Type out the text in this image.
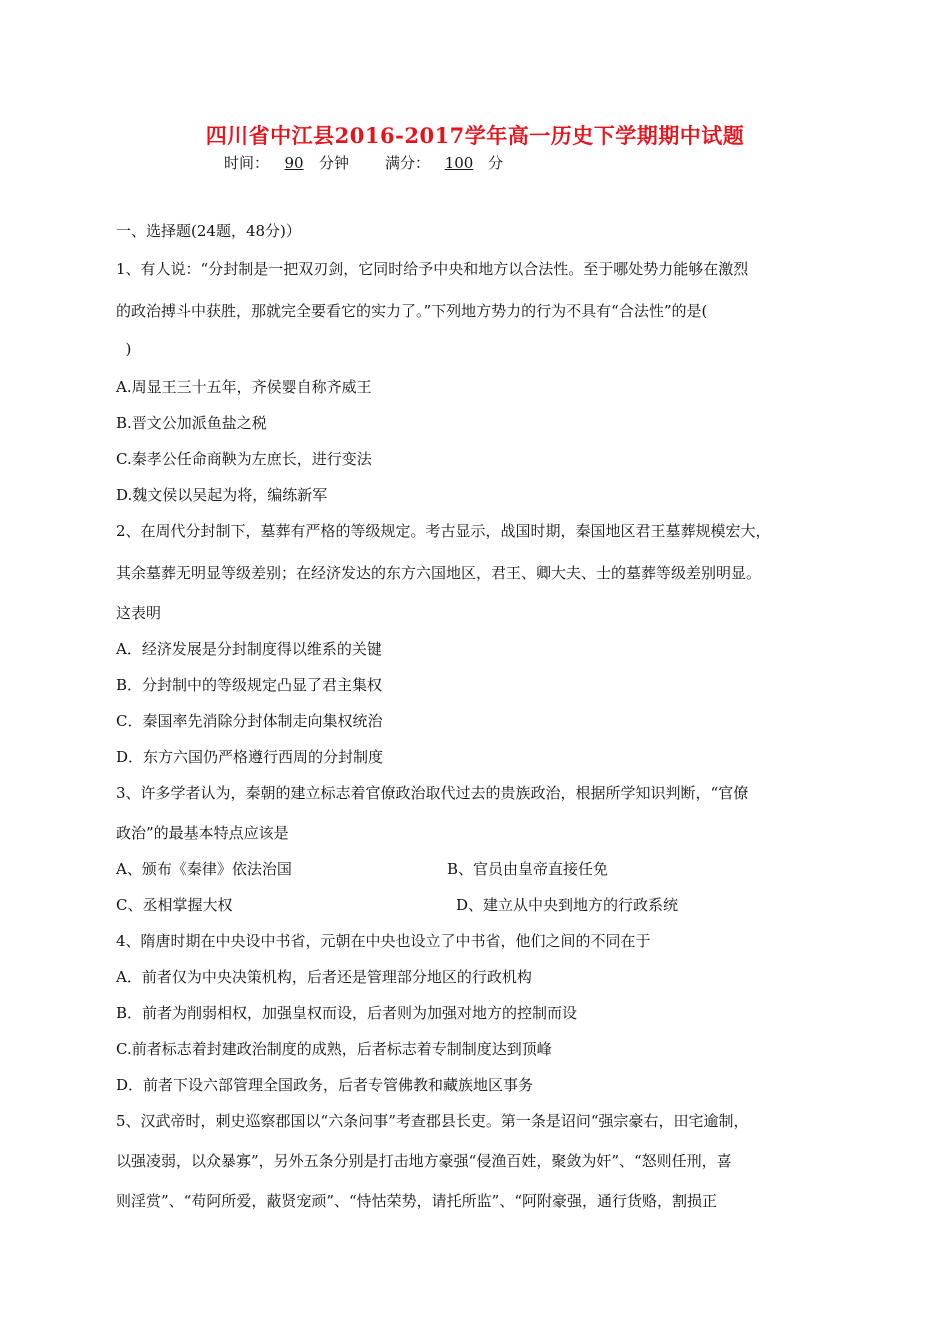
四川省中江县2016-2017学年高一历史下学期期中试题
时间： 90 分钟 满分： 100 分
一、选择题(24题，48分)）
1、有人说：“分封制是一把双刃剑，它同时给予中央和地方以合法性。至于哪处势力能够在激烈
的政治搏斗中获胜，那就完全要看它的实力了。”下列地方势力的行为不具有“合法性”的是(
)
A.周显王三十五年，齐侯婴自称齐威王
B.晋文公加派鱼盐之税
C.秦孝公任命商鞅为左庶长，进行变法
D.魏文侯以吴起为将，编练新军
2、在周代分封制下，墓葬有严格的等级规定。考古显示，战国时期，秦国地区君王墓葬规模宏大，
其余墓葬无明显等级差别；在经济发达的东方六国地区，君王、卿大夫、士的墓葬等级差别明显。
这表明
A．经济发展是分封制度得以维系的关键
B．分封制中的等级规定凸显了君主集权
C．秦国率先消除分封体制走向集权统治
D．东方六国仍严格遵行西周的分封制度
3、许多学者认为，秦朝的建立标志着官僚政治取代过去的贵族政治，根据所学知识判断，“官僚
政治”的最基本特点应该是
A、颁布《秦律》依法治国	B、官员由皇帝直接任免
C、丞相掌握大权	D、建立从中央到地方的行政系统
4、隋唐时期在中央设中书省，元朝在中央也设立了中书省，他们之间的不同在于
A．前者仅为中央决策机构，后者还是管理部分地区的行政机构
B．前者为削弱相权，加强皇权而设，后者则为加强对地方的控制而设
C.前者标志着封建政治制度的成熟，后者标志着专制制度达到顶峰
D．前者下设六部管理全国政务，后者专管佛教和藏族地区事务
5、汉武帝时，刺史巡察郡国以“六条问事”考查郡县长吏。第一条是诏问“强宗豪右，田宅逾制，
以强凌弱，以众暴寡”，另外五条分别是打击地方豪强“侵渔百姓，聚敛为奸”、“怒则任刑，喜
则淫赏”、“苟阿所爱，蔽贤宠顽”、“恃怙荣势，请托所监”、“阿附豪强，通行货赂，割损正
